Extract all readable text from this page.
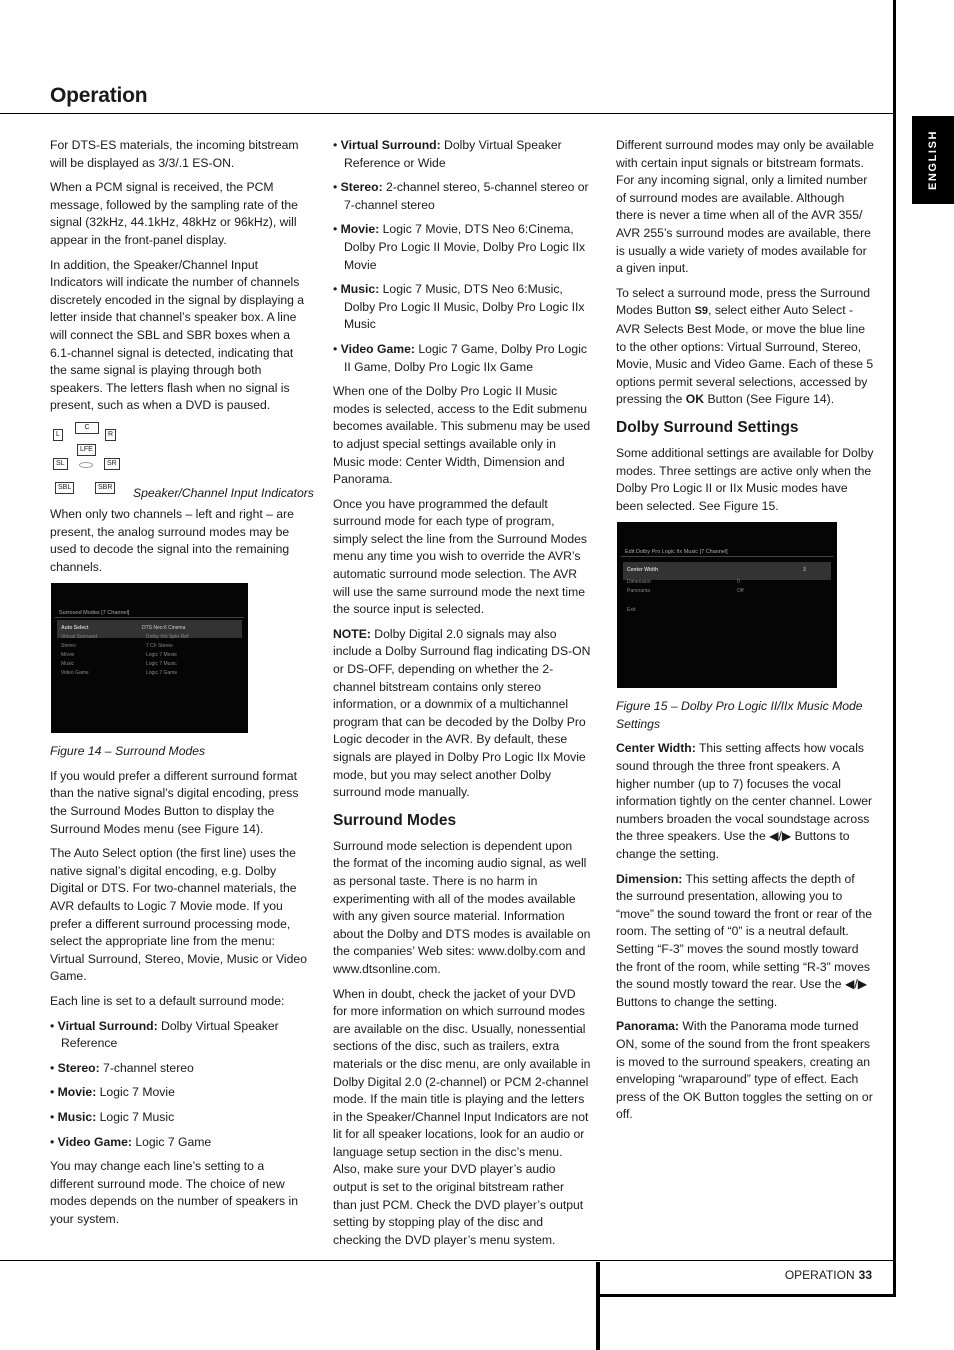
Operation
ENGLISH

For DTS-ES materials, the incoming bitstream will be displayed as 3/3/.1 ES-ON.

When a PCM signal is received, the PCM message, followed by the sampling rate of the signal (32kHz, 44.1kHz, 48kHz or 96kHz), will appear in the front-panel display.

In addition, the Speaker/Channel Input Indicators will indicate the number of channels discretely encoded in the signal by displaying a letter inside that channel’s speaker box. A line will connect the SBL and SBR boxes when a 6.1-channel signal is detected, indicating that the same signal is playing through both speakers. The letters flash when no signal is present, such as when a DVD is paused.

L
C
R
LFE
SL	SR
SBL	SBR Speaker/Channel Input Indicators

When only two channels – left and right – are present, the analog surround modes may be used to decode the signal into the remaining channels.

Surround Modes [7 Channel]
Auto Select	DTS Neo:6 Cinema
Virtual Surround	Dolby Virt Spkr Ref
Stereo	7 Ch Stereo
Movie	Logic 7 Movie
Music	Logic 7 Music
Video Game	Logic 7 Game

Figure 14 – Surround Modes

If you would prefer a different surround format than the native signal’s digital encoding, press the Surround Modes Button to display the Surround Modes menu (see Figure 14).

The Auto Select option (the first line) uses the native signal’s digital encoding, e.g. Dolby Digital or DTS. For two-channel materials, the AVR defaults to Logic 7 Movie mode. If you prefer a different surround processing mode, select the appropriate line from the menu: Virtual Surround, Stereo, Movie, Music or Video Game.

Each line is set to a default surround mode:

• Virtual Surround: Dolby Virtual Speaker Reference

• Stereo: 7-channel stereo

• Movie: Logic 7 Movie

• Music: Logic 7 Music

• Video Game: Logic 7 Game

You may change each line’s setting to a different surround mode. The choice of new modes depends on the number of speakers in your system.

• Virtual Surround: Dolby Virtual Speaker Reference or Wide

• Stereo: 2-channel stereo, 5-channel stereo or 7-channel stereo

• Movie: Logic 7 Movie, DTS Neo 6:Cinema, Dolby Pro Logic II Movie, Dolby Pro Logic IIx Movie

• Music: Logic 7 Music, DTS Neo 6:Music, Dolby Pro Logic II Music, Dolby Pro Logic IIx Music

• Video Game: Logic 7 Game, Dolby Pro Logic II Game, Dolby Pro Logic IIx Game

When one of the Dolby Pro Logic II Music modes is selected, access to the Edit submenu becomes available. This submenu may be used to adjust special settings available only in Music mode: Center Width, Dimension and Panorama.

Once you have programmed the default surround mode for each type of program, simply select the line from the Surround Modes menu any time you wish to override the AVR’s automatic surround mode selection. The AVR will use the same surround mode the next time the source input is selected.

NOTE: Dolby Digital 2.0 signals may also include a Dolby Surround flag indicating DS-ON or DS-OFF, depending on whether the 2-channel bitstream contains only stereo information, or a downmix of a multichannel program that can be decoded by the Dolby Pro Logic decoder in the AVR. By default, these signals are played in Dolby Pro Logic IIx Movie mode, but you may select another Dolby surround mode manually.

Surround Modes

Surround mode selection is dependent upon the format of the incoming audio signal, as well as personal taste. There is no harm in experimenting with all of the modes available with any given source material. Information about the Dolby and DTS modes is available on the companies’ Web sites: www.dolby.com and www.dtsonline.com.

When in doubt, check the jacket of your DVD for more information on which surround modes are available on the disc. Usually, nonessential sections of the disc, such as trailers, extra materials or the disc menu, are only available in Dolby Digital 2.0 (2-channel) or PCM 2-channel mode. If the main title is playing and the letters in the Speaker/Channel Input Indicators are not lit for all speaker locations, look for an audio or language setup section in the disc’s menu. Also, make sure your DVD player’s audio output is set to the original bitstream rather than just PCM. Check the DVD player’s output setting by stopping play of the disc and checking the DVD player’s menu system.

Different surround modes may only be available with certain input signals or bitstream formats. For any incoming signal, only a limited number of surround modes are available. Although there is never a time when all of the AVR 355/ AVR 255’s surround modes are available, there is usually a wide variety of modes available for a given input.

To select a surround mode, press the Surround Modes Button S9, select either Auto Select - AVR Selects Best Mode, or move the blue line to the other options: Virtual Surround, Stereo, Movie, Music and Video Game. Each of these 5 options permit several selections, accessed by pressing the OK Button (See Figure 14).

Dolby Surround Settings

Some additional settings are available for Dolby modes. Three settings are active only when the Dolby Pro Logic II or IIx Music modes have been selected. See Figure 15.

Edit Dolby Pro Logic IIx Music [7 Channel]
Center Width	3
Dimension	0
Panorama	Off
Exit

Figure 15 – Dolby Pro Logic II/IIx Music Mode Settings

Center Width: This setting affects how vocals sound through the three front speakers. A higher number (up to 7) focuses the vocal information tightly on the center channel. Lower numbers broaden the vocal soundstage across the three speakers. Use the ◀/▶ Buttons to change the setting.

Dimension: This setting affects the depth of the surround presentation, allowing you to “move” the sound toward the front or rear of the room. The setting of “0” is a neutral default. Setting “F-3” moves the sound mostly toward the front of the room, while setting “R-3” moves the sound mostly toward the rear. Use the ◀/▶ Buttons to change the setting.

Panorama: With the Panorama mode turned ON, some of the sound from the front speakers is moved to the surround speakers, creating an enveloping “wraparound” type of effect. Each press of the OK Button toggles the setting on or off.

OPERATION 33
